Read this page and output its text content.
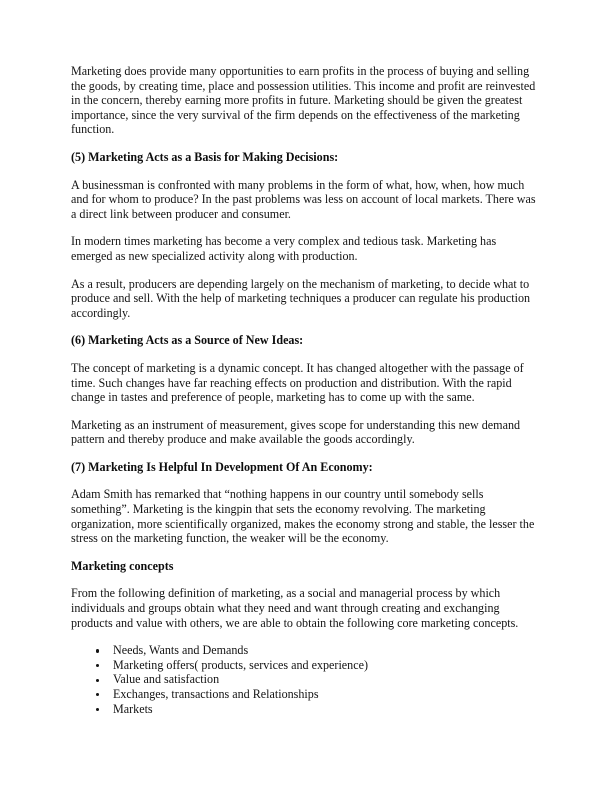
Marketing does provide many opportunities to earn profits in the process of buying and selling the goods, by creating time, place and possession utilities. This income and profit are reinvested in the concern, thereby earning more profits in future. Marketing should be given the greatest importance, since the very survival of the firm depends on the effectiveness of the marketing function.

(5) Marketing Acts as a Basis for Making Decisions:

A businessman is confronted with many problems in the form of what, how, when, how much and for whom to produce? In the past problems was less on account of local markets. There was a direct link between producer and consumer.

In modern times marketing has become a very complex and tedious task. Marketing has emerged as new specialized activity along with production.

As a result, producers are depending largely on the mechanism of marketing, to decide what to produce and sell. With the help of marketing techniques a producer can regulate his production accordingly.

(6) Marketing Acts as a Source of New Ideas:

The concept of marketing is a dynamic concept. It has changed altogether with the passage of time. Such changes have far reaching effects on production and distribution. With the rapid change in tastes and preference of people, marketing has to come up with the same.

Marketing as an instrument of measurement, gives scope for understanding this new demand pattern and thereby produce and make available the goods accordingly.

(7) Marketing Is Helpful In Development Of An Economy:

Adam Smith has remarked that “nothing happens in our country until somebody sells something”. Marketing is the kingpin that sets the economy revolving. The marketing organization, more scientifically organized, makes the economy strong and stable, the lesser the stress on the marketing function, the weaker will be the economy.

Marketing concepts

From the following definition of marketing, as a social and managerial process by which individuals and groups obtain what they need and want through creating and exchanging products and value with others, we are able to obtain the following core marketing concepts.

Needs, Wants and Demands
Marketing offers( products, services and experience)
Value and satisfaction
Exchanges, transactions and Relationships
Markets
